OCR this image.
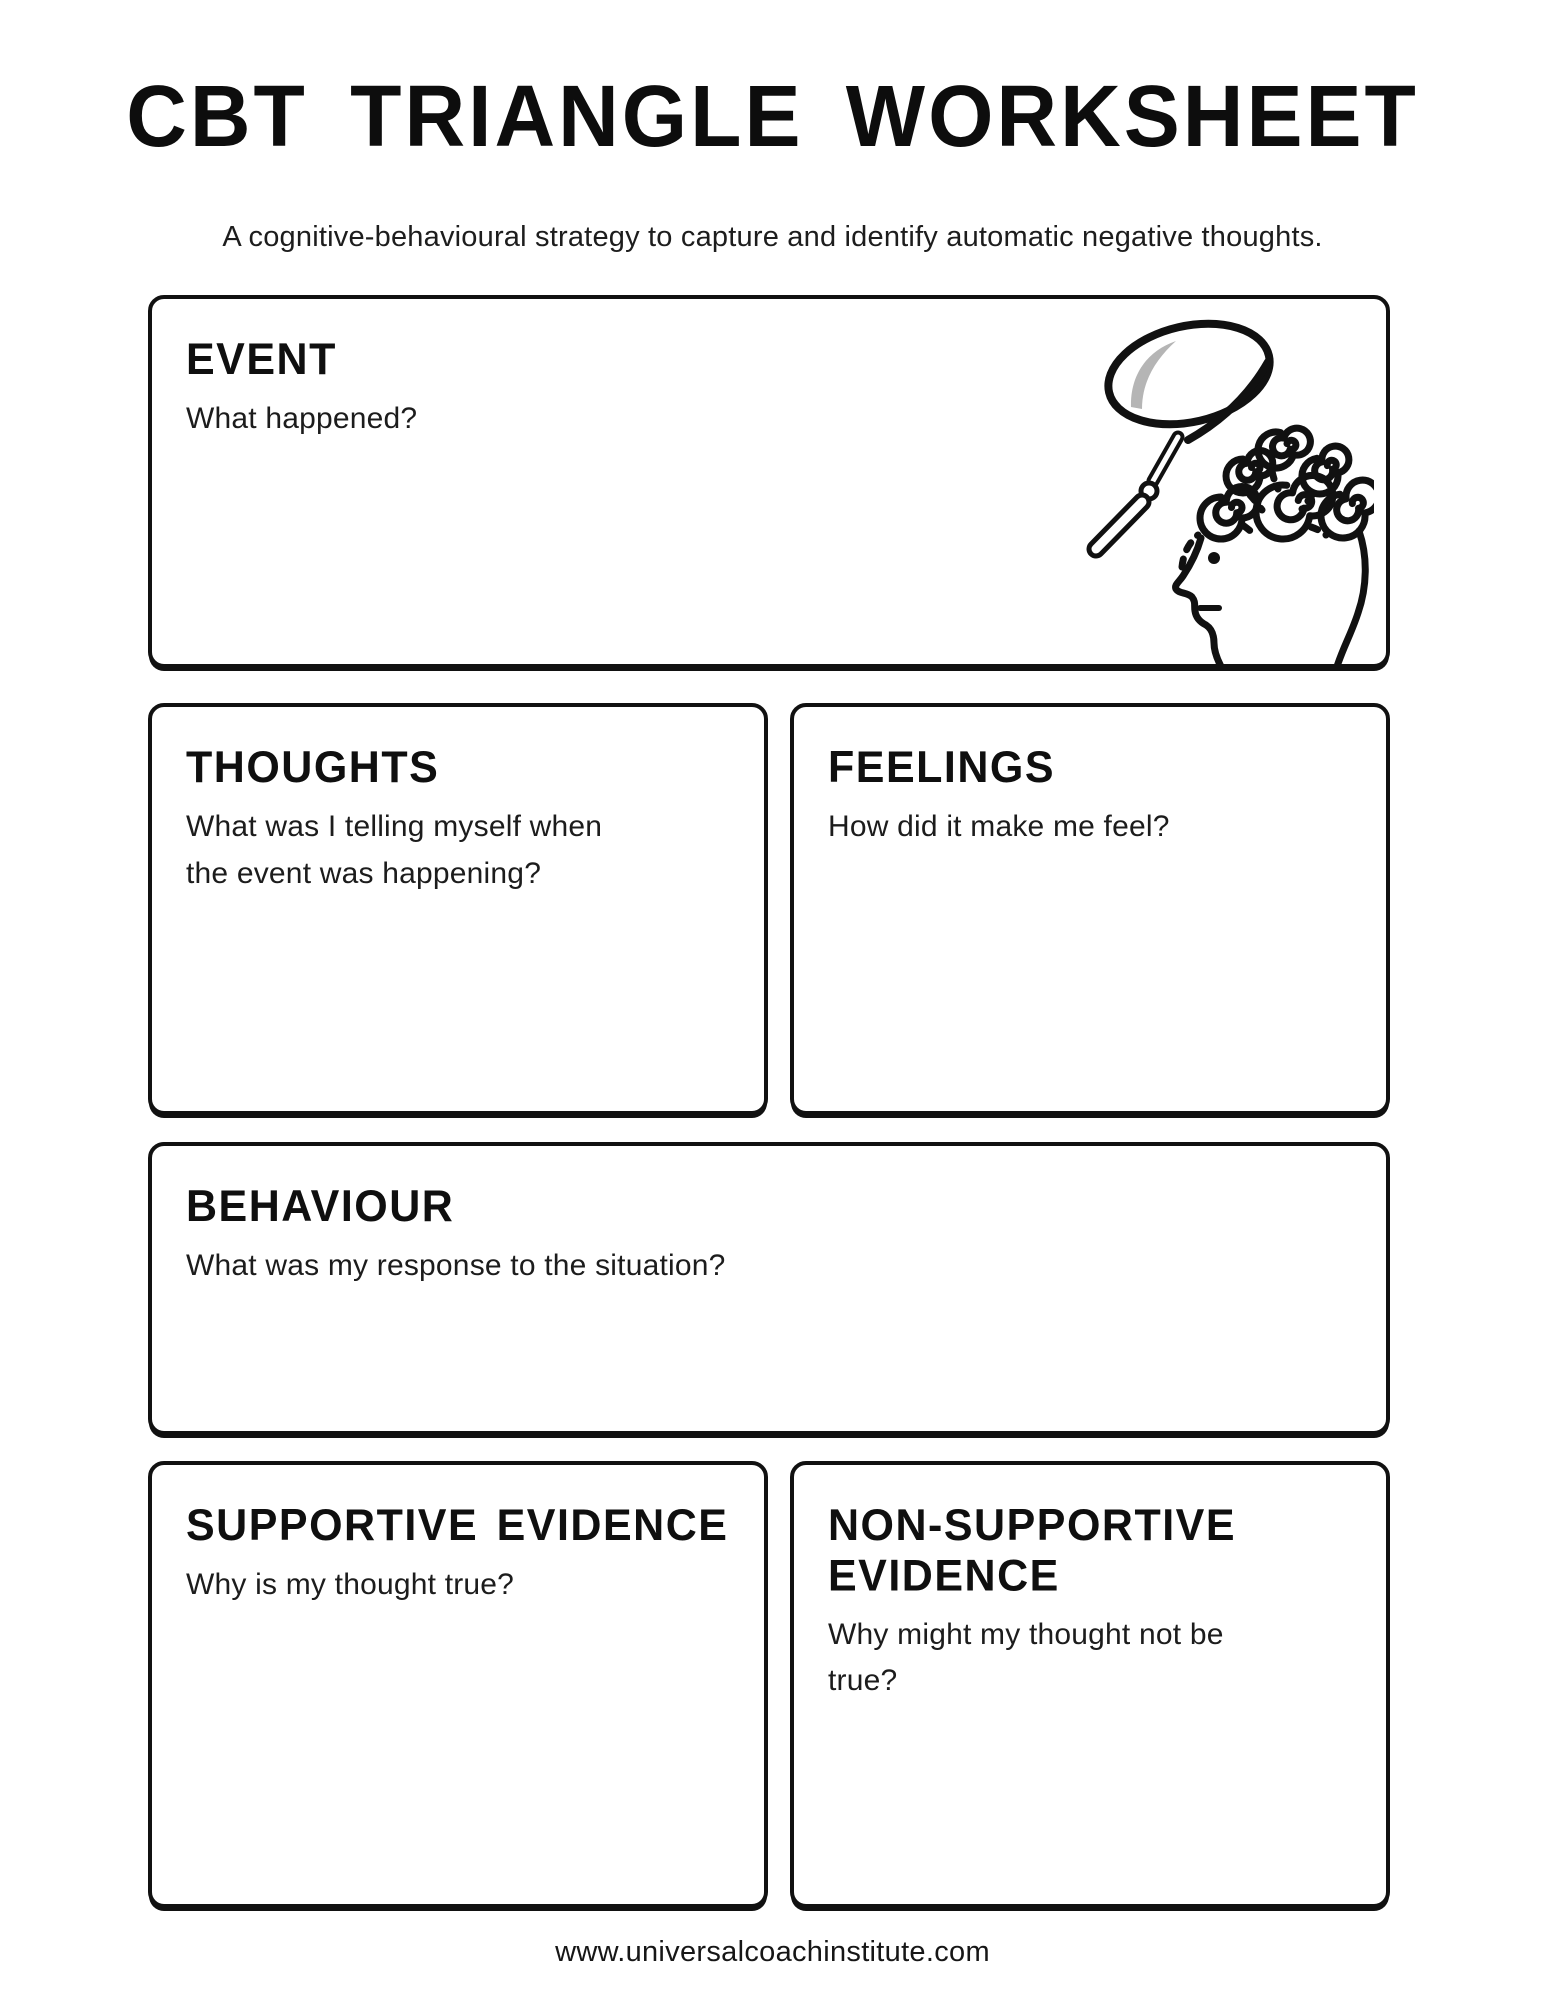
CBT TRIANGLE WORKSHEET

A cognitive-behavioural strategy to capture and identify automatic negative thoughts.

EVENT

What happened?

THOUGHTS

What was I telling myself when the event was happening?

FEELINGS

How did it make me feel?

BEHAVIOUR

What was my response to the situation?

SUPPORTIVE EVIDENCE

Why is my thought true?

NON-SUPPORTIVE EVIDENCE

Why might my thought not be true?

www.universalcoachinstitute.com
